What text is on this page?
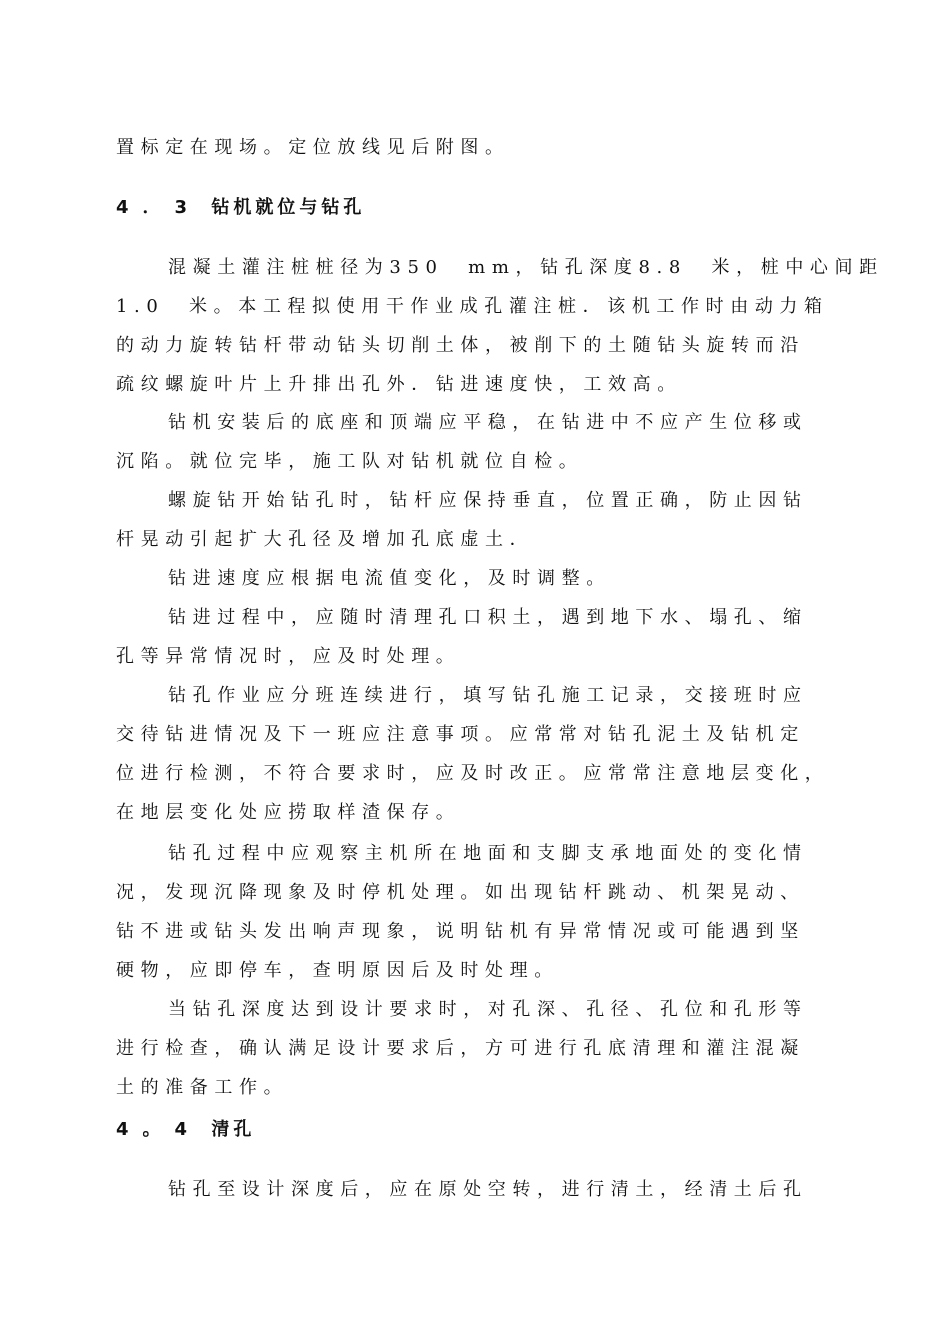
置标定在现场。定位放线见后附图。
4．3 钻机就位与钻孔
混凝土灌注桩桩径为350　mm，钻孔深度8.8　米，桩中心间距
1.0　米。本工程拟使用干作业成孔灌注桩．该机工作时由动力箱
的动力旋转钻杆带动钻头切削土体，被削下的土随钻头旋转而沿
疏纹螺旋叶片上升排出孔外．钻进速度快，工效高。
钻机安装后的底座和顶端应平稳，在钻进中不应产生位移或
沉陷。就位完毕，施工队对钻机就位自检。
螺旋钻开始钻孔时，钻杆应保持垂直，位置正确，防止因钻
杆晃动引起扩大孔径及增加孔底虚土．
钻进速度应根据电流值变化，及时调整。
钻进过程中，应随时清理孔口积土，遇到地下水、塌孔、缩
孔等异常情况时，应及时处理。
钻孔作业应分班连续进行，填写钻孔施工记录，交接班时应
交待钻进情况及下一班应注意事项。应常常对钻孔泥土及钻机定
位进行检测，不符合要求时，应及时改正。应常常注意地层变化，
在地层变化处应捞取样渣保存。
钻孔过程中应观察主机所在地面和支脚支承地面处的变化情
况，发现沉降现象及时停机处理。如出现钻杆跳动、机架晃动、
钻不进或钻头发出响声现象，说明钻机有异常情况或可能遇到坚
硬物，应即停车，查明原因后及时处理。
当钻孔深度达到设计要求时，对孔深、孔径、孔位和孔形等
进行检查，确认满足设计要求后，方可进行孔底清理和灌注混凝
土的准备工作。
4。4 清孔
钻孔至设计深度后，应在原处空转，进行清土，经清土后孔
